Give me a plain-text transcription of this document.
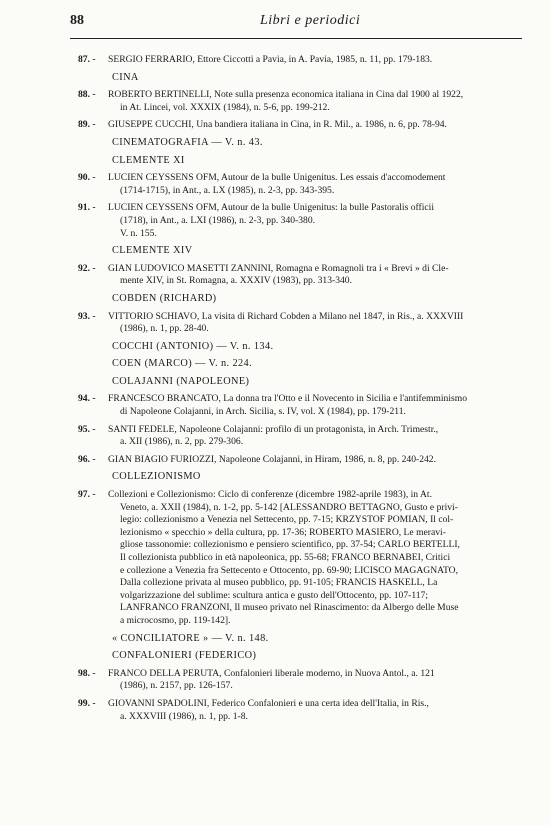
88	Libri e periodici
87. - SERGIO FERRARIO, Ettore Ciccotti a Pavia, in A. Pavia, 1985, n. 11, pp. 179-183.
CINA
88. - ROBERTO BERTINELLI, Note sulla presenza economica italiana in Cina dal 1900 al 1922,
in At. Lincei, vol. XXXIX (1984), n. 5-6, pp. 199-212.
89. - GIUSEPPE CUCCHI, Una bandiera italiana in Cina, in R. Mil., a. 1986, n. 6, pp. 78-94.
CINEMATOGRAFIA — V. n. 43.
CLEMENTE XI
90. - LUCIEN CEYSSENS OFM, Autour de la bulle Unigenitus. Les essais d'accomodement
(1714-1715), in Ant., a. LX (1985), n. 2-3, pp. 343-395.
91. - LUCIEN CEYSSENS OFM, Autour de la bulle Unigenitus: la bulle Pastoralis officii
(1718), in Ant., a. LXI (1986), n. 2-3, pp. 340-380.
V. n. 155.
CLEMENTE XIV
92. - GIAN LUDOVICO MASETTI ZANNINI, Romagna e Romagnoli tra i « Brevi » di Cle-
mente XIV, in St. Romagna, a. XXXIV (1983), pp. 313-340.
COBDEN (RICHARD)
93. - VITTORIO SCHIAVO, La visita di Richard Cobden a Milano nel 1847, in Ris., a. XXXVIII
(1986), n. 1, pp. 28-40.
COCCHI (ANTONIO) — V. n. 134.
COEN (MARCO) — V. n. 224.
COLAJANNI (NAPOLEONE)
94. - FRANCESCO BRANCATO, La donna tra l'Otto e il Novecento in Sicilia e l'antifemminismo
di Napoleone Colajanni, in Arch. Sicilia, s. IV, vol. X (1984), pp. 179-211.
95. - SANTI FEDELE, Napoleone Colajanni: profilo di un protagonista, in Arch. Trimestr.,
a. XII (1986), n. 2, pp. 279-306.
96. - GIAN BIAGIO FURIOZZI, Napoleone Colajanni, in Hiram, 1986, n. 8, pp. 240-242.
COLLEZIONISMO
97. - Collezioni e Collezionismo: Ciclo di conferenze (dicembre 1982-aprile 1983), in At.
Veneto, a. XXII (1984), n. 1-2, pp. 5-142 [ALESSANDRO BETTAGNO, Gusto e privi-
legio: collezionismo a Venezia nel Settecento, pp. 7-15; KRZYSTOF POMIAN, Il col-
lezionismo « specchio » della cultura, pp. 17-36; ROBERTO MASIERO, Le meravi-
gliose tassonomie: collezionismo e pensiero scientifico, pp. 37-54; CARLO BERTELLI,
Il collezionista pubblico in età napoleonica, pp. 55-68; FRANCO BERNABEI, Critici
e collezione a Venezia fra Settecento e Ottocento, pp. 69-90; LICISCO MAGAGNATO,
Dalla collezione privata al museo pubblico, pp. 91-105; FRANCIS HASKELL, La
volgarizzazione del sublime: scultura antica e gusto dell'Ottocento, pp. 107-117;
LANFRANCO FRANZONI, Il museo privato nel Rinascimento: da Albergo delle Muse
a microcosmo, pp. 119-142].
« CONCILIATORE » — V. n. 148.
CONFALONIERI (FEDERICO)
98. - FRANCO DELLA PERUTA, Confalonieri liberale moderno, in Nuova Antol., a. 121
(1986), n. 2157, pp. 126-157.
99. - GIOVANNI SPADOLINI, Federico Confalonieri e una certa idea dell'Italia, in Ris.,
a. XXXVIII (1986), n. 1, pp. 1-8.
